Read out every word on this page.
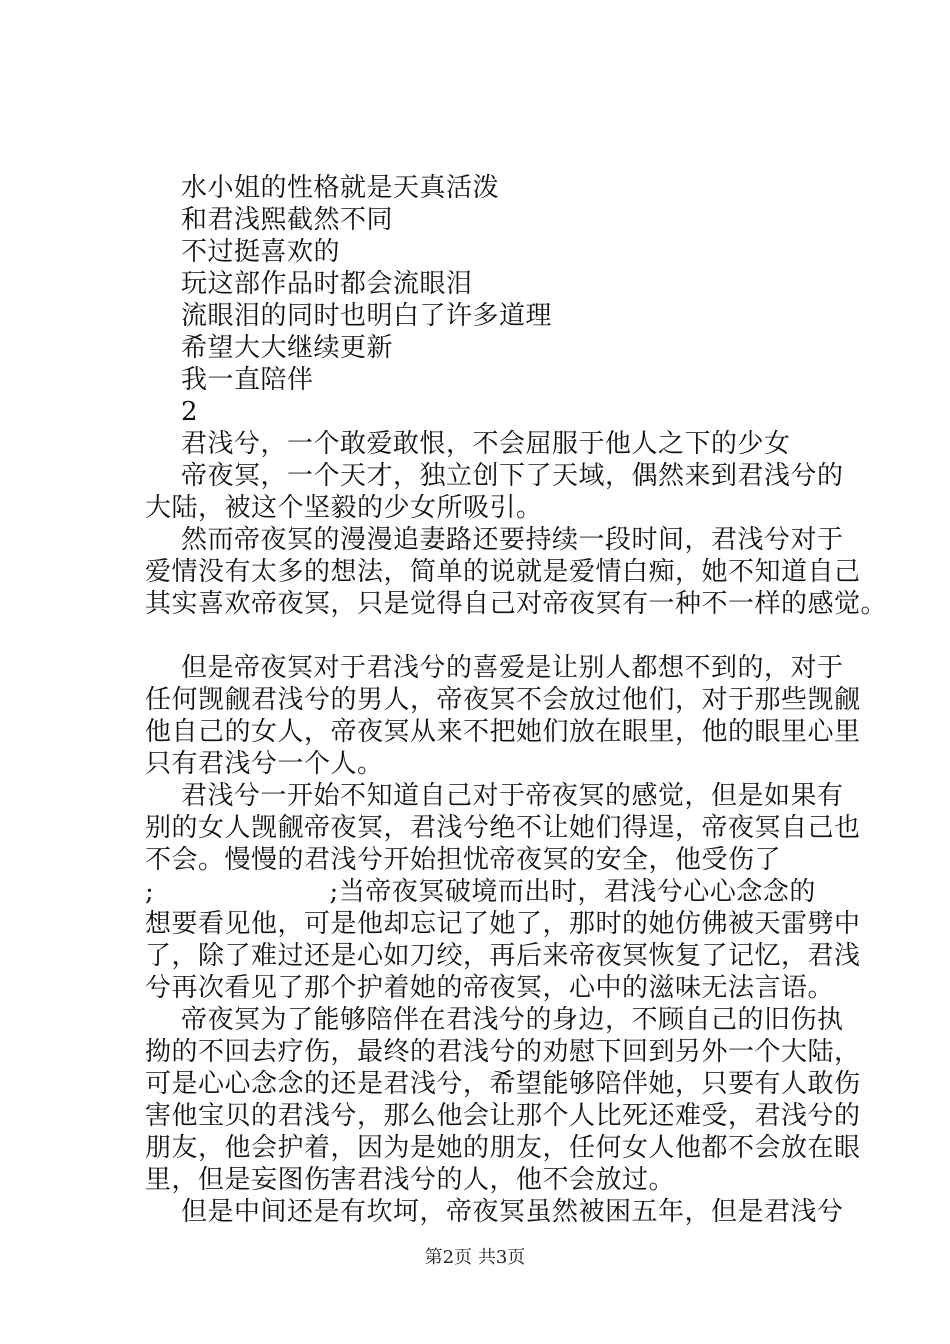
水小姐的性格就是天真活泼
和君浅熙截然不同
不过挺喜欢的
玩这部作品时都会流眼泪
流眼泪的同时也明白了许多道理
希望大大继续更新
我一直陪伴
2
君浅兮，一个敢爱敢恨，不会屈服于他人之下的少女
帝夜冥，一个天才，独立创下了天域，偶然来到君浅兮的
大陆，被这个坚毅的少女所吸引。
然而帝夜冥的漫漫追妻路还要持续一段时间，君浅兮对于
爱情没有太多的想法，简单的说就是爱情白痴，她不知道自己
其实喜欢帝夜冥，只是觉得自己对帝夜冥有一种不一样的感觉。
但是帝夜冥对于君浅兮的喜爱是让别人都想不到的，对于
任何觊觎君浅兮的男人，帝夜冥不会放过他们，对于那些觊觎
他自己的女人，帝夜冥从来不把她们放在眼里，他的眼里心里
只有君浅兮一个人。
君浅兮一开始不知道自己对于帝夜冥的感觉，但是如果有
别的女人觊觎帝夜冥，君浅兮绝不让她们得逞，帝夜冥自己也
不会。慢慢的君浅兮开始担忧帝夜冥的安全，他受伤了
;                    ;当帝夜冥破境而出时，君浅兮心心念念的
想要看见他，可是他却忘记了她了，那时的她仿佛被天雷劈中
了，除了难过还是心如刀绞，再后来帝夜冥恢复了记忆，君浅
兮再次看见了那个护着她的帝夜冥，心中的滋味无法言语。
帝夜冥为了能够陪伴在君浅兮的身边，不顾自己的旧伤执
拗的不回去疗伤，最终的君浅兮的劝慰下回到另外一个大陆，
可是心心念念的还是君浅兮，希望能够陪伴她，只要有人敢伤
害他宝贝的君浅兮，那么他会让那个人比死还难受，君浅兮的
朋友，他会护着，因为是她的朋友，任何女人他都不会放在眼
里，但是妄图伤害君浅兮的人，他不会放过。
但是中间还是有坎坷，帝夜冥虽然被困五年，但是君浅兮
第2页 共3页
